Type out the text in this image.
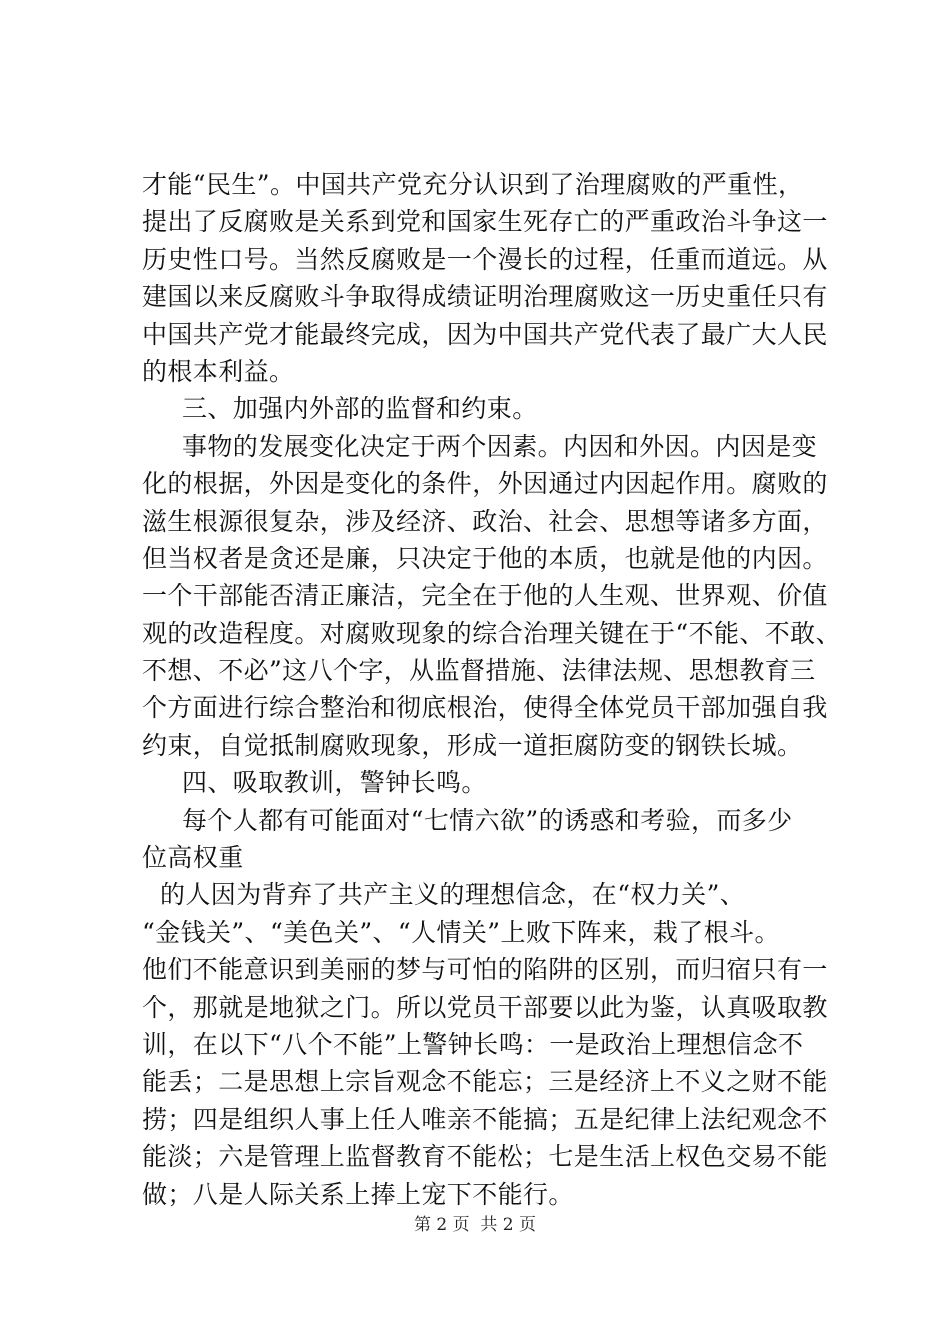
才能“民生”。中国共产党充分认识到了治理腐败的严重性，
提出了反腐败是关系到党和国家生死存亡的严重政治斗争这一
历史性口号。当然反腐败是一个漫长的过程，任重而道远。从
建国以来反腐败斗争取得成绩证明治理腐败这一历史重任只有
中国共产党才能最终完成，因为中国共产党代表了最广大人民
的根本利益。
三、加强内外部的监督和约束。
事物的发展变化决定于两个因素。内因和外因。内因是变
化的根据，外因是变化的条件，外因通过内因起作用。腐败的
滋生根源很复杂，涉及经济、政治、社会、思想等诸多方面，
但当权者是贪还是廉，只决定于他的本质，也就是他的内因。
一个干部能否清正廉洁，完全在于他的人生观、世界观、价值
观的改造程度。对腐败现象的综合治理关键在于“不能、不敢、
不想、不必”这八个字，从监督措施、法律法规、思想教育三
个方面进行综合整治和彻底根治，使得全体党员干部加强自我
约束，自觉抵制腐败现象，形成一道拒腐防变的钢铁长城。
四、吸取教训，警钟长鸣。
每个人都有可能面对“七情六欲”的诱惑和考验，而多少
位高权重
的人因为背弃了共产主义的理想信念，在“权力关”、
“金钱关”、“美色关”、“人情关”上败下阵来，栽了根斗。
他们不能意识到美丽的梦与可怕的陷阱的区别，而归宿只有一
个，那就是地狱之门。所以党员干部要以此为鉴，认真吸取教
训，在以下“八个不能”上警钟长鸣：一是政治上理想信念不
能丢；二是思想上宗旨观念不能忘；三是经济上不义之财不能
捞；四是组织人事上任人唯亲不能搞；五是纪律上法纪观念不
能淡；六是管理上监督教育不能松；七是生活上权色交易不能
做；八是人际关系上捧上宠下不能行。
第 2 页  共 2 页
